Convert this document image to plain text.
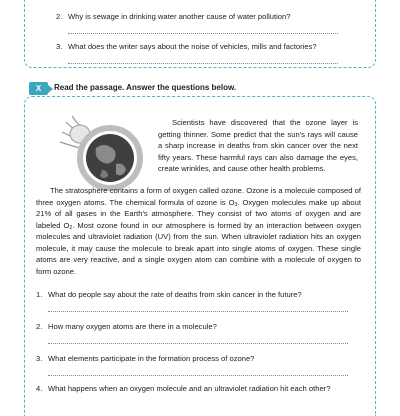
2. Why is sewage in drinking water another cause of water pollution?
3. What does the writer says about the noise of vehicles, mills and factories?
X	Read the passage. Answer the questions below.
Scientists have discovered that the ozone layer is getting thinner. Some predict that the sun's rays will cause a sharp increase in deaths from skin cancer over the next fifty years. These harmful rays can also damage the eyes, create wrinkles, and cause other health problems.
The stratosphere contains a form of oxygen called ozone. Ozone is a molecule composed of three oxygen atoms. The chemical formula of ozone is $O_3$. Oxygen molecules make up about 21% of all gases in the Earth's atmosphere. They consist of two atoms of oxygen and are labeled $O_2$. Most ozone found in our atmosphere is formed by an interaction between oxygen molecules and ultraviolet radiation (UV) from the sun. When ultraviolet radiation hits an oxygen molecule, it may cause the molecule to break apart into single atoms of oxygen. These single atoms are very reactive, and a single oxygen atom can combine with a molecule of oxygen to form ozone.
1. What do people say about the rate of deaths from skin cancer in the future?
2. How many oxygen atoms are there in a molecule?
3. What elements participate in the formation process of ozone?
4. What happens when an oxygen molecule and an ultraviolet radiation hit each other?
